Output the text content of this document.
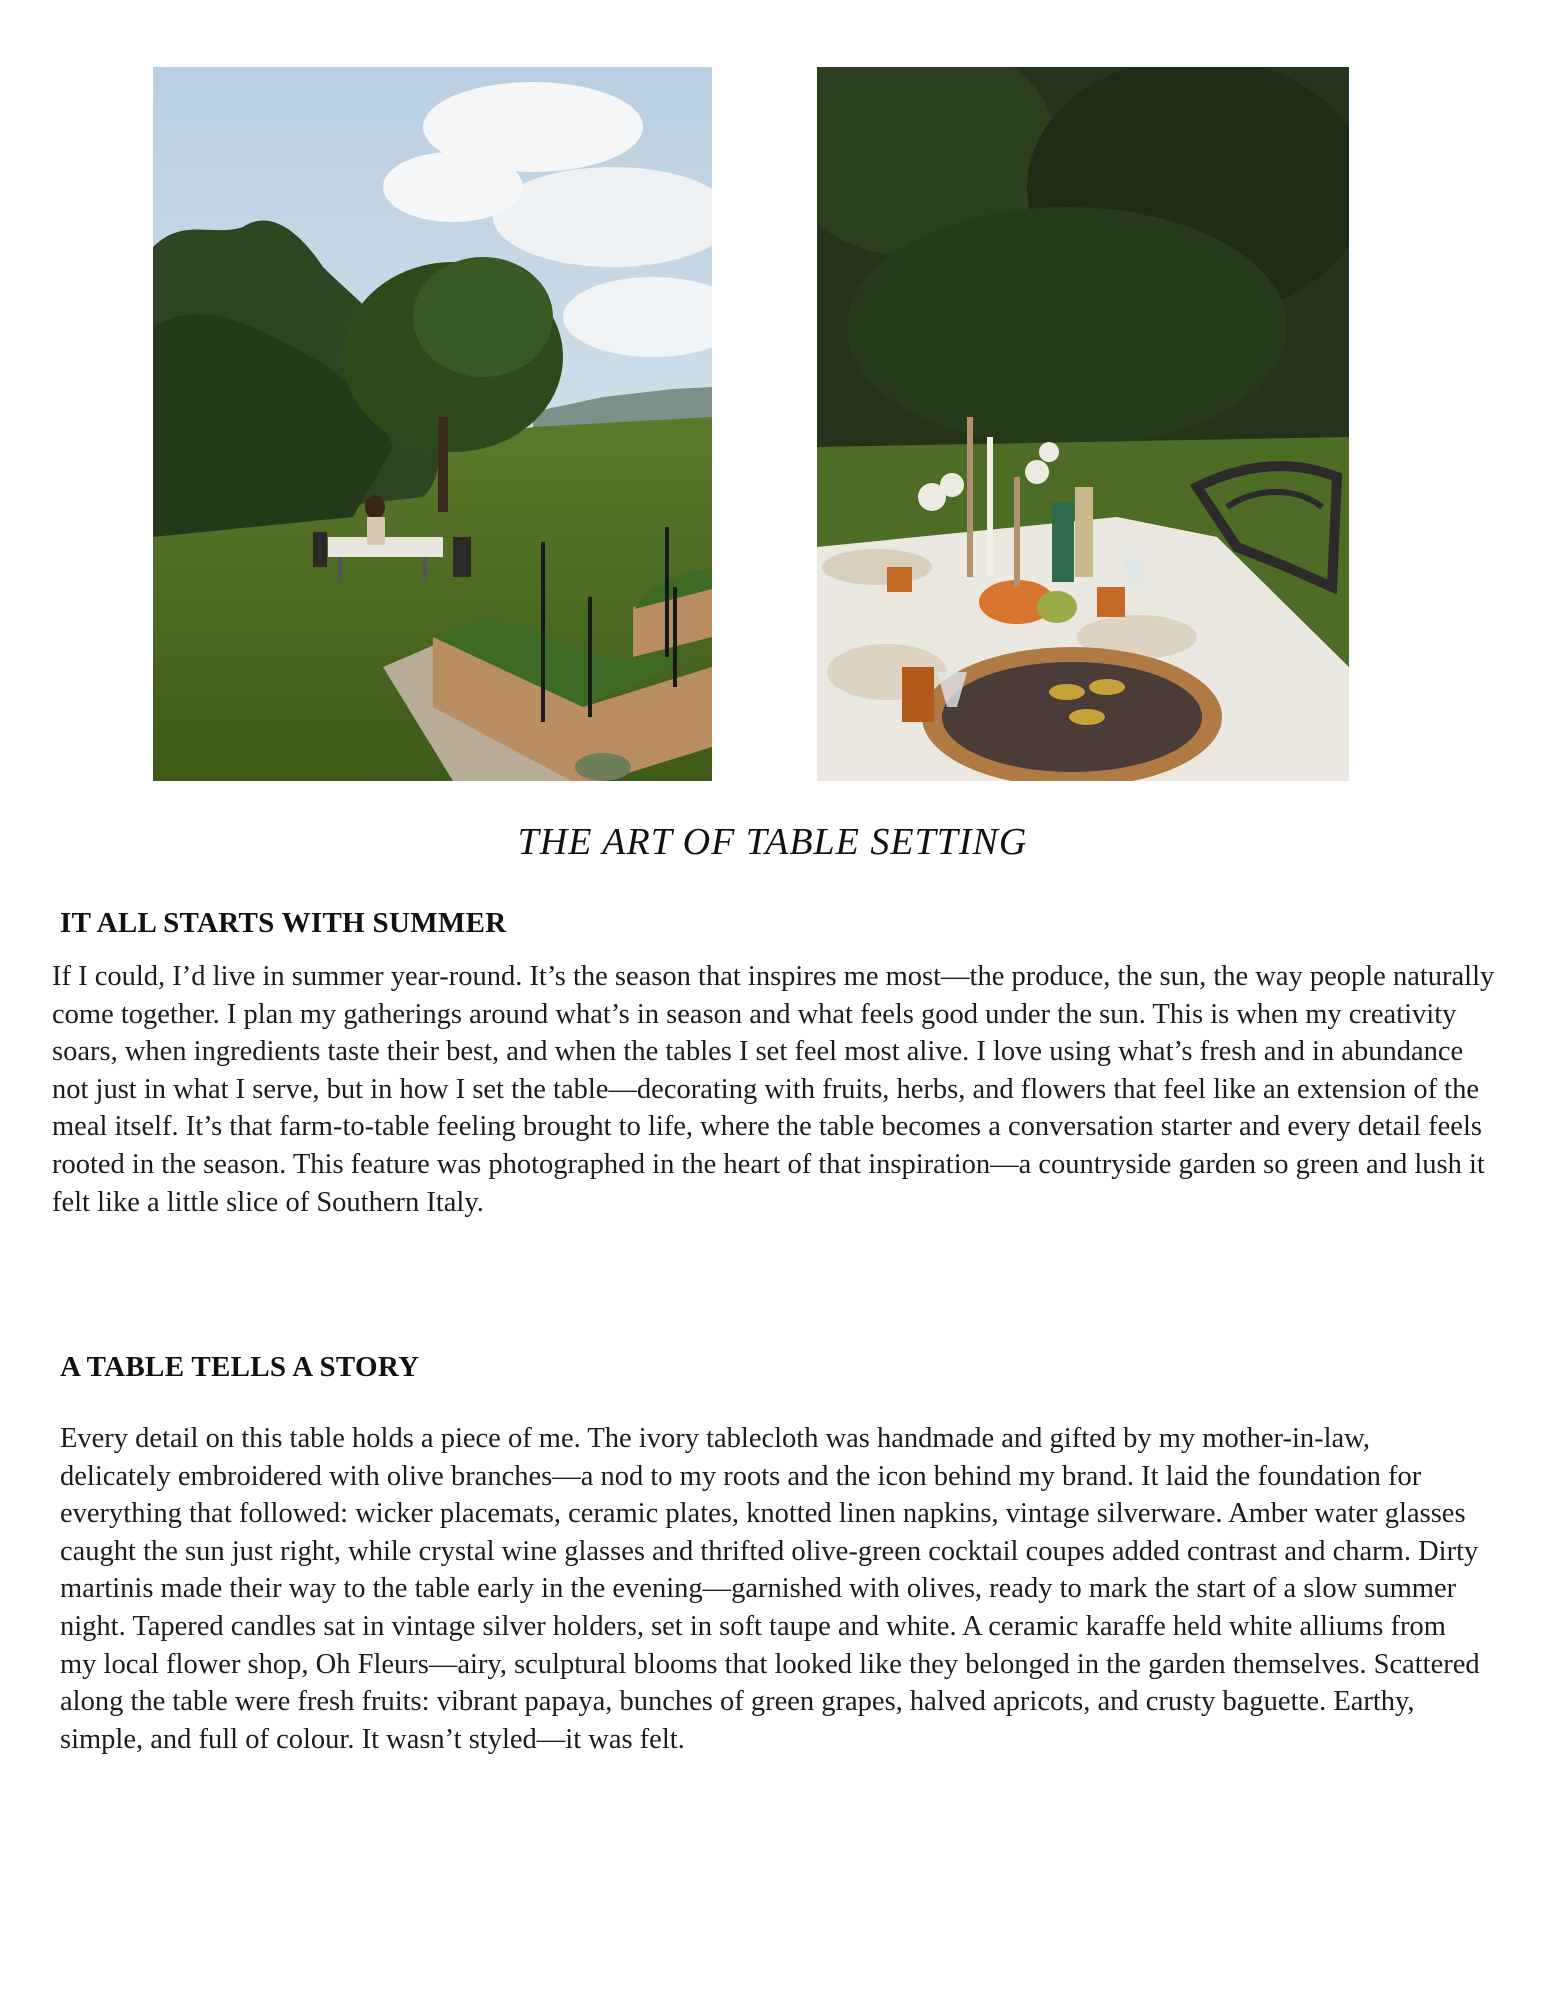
THE ART OF TABLE SETTING
IT ALL STARTS WITH SUMMER

If I could, I’d live in summer year-round. It’s the season that inspires me most—the produce, the sun, the way people naturally come together. I plan my gatherings around what’s in season and what feels good under the sun. This is when my creativity soars, when ingredients taste their best, and when the tables I set feel most alive. I love using what’s fresh and in abundance not just in what I serve, but in how I set the table—decorating with fruits, herbs, and flowers that feel like an extension of the meal itself. It’s that farm-to-table feeling brought to life, where the table becomes a conversation starter and every detail feels rooted in the season. This feature was photographed in the heart of that inspiration—a countryside garden so green and lush it felt like a little slice of Southern Italy.

A TABLE TELLS A STORY

Every detail on this table holds a piece of me. The ivory tablecloth was handmade and gifted by my mother-in-law, delicately embroidered with olive branches—a nod to my roots and the icon behind my brand. It laid the foundation for everything that followed: wicker placemats, ceramic plates, knotted linen napkins, vintage silverware. Amber water glasses caught the sun just right, while crystal wine glasses and thrifted olive-green cocktail coupes added contrast and charm. Dirty martinis made their way to the table early in the evening—garnished with olives, ready to mark the start of a slow summer night. Tapered candles sat in vintage silver holders, set in soft taupe and white. A ceramic karaffe held white alliums from my local flower shop, Oh Fleurs—airy, sculptural blooms that looked like they belonged in the garden themselves. Scattered along the table were fresh fruits: vibrant papaya, bunches of green grapes, halved apricots, and crusty baguette. Earthy, simple, and full of colour. It wasn’t styled—it was felt.
